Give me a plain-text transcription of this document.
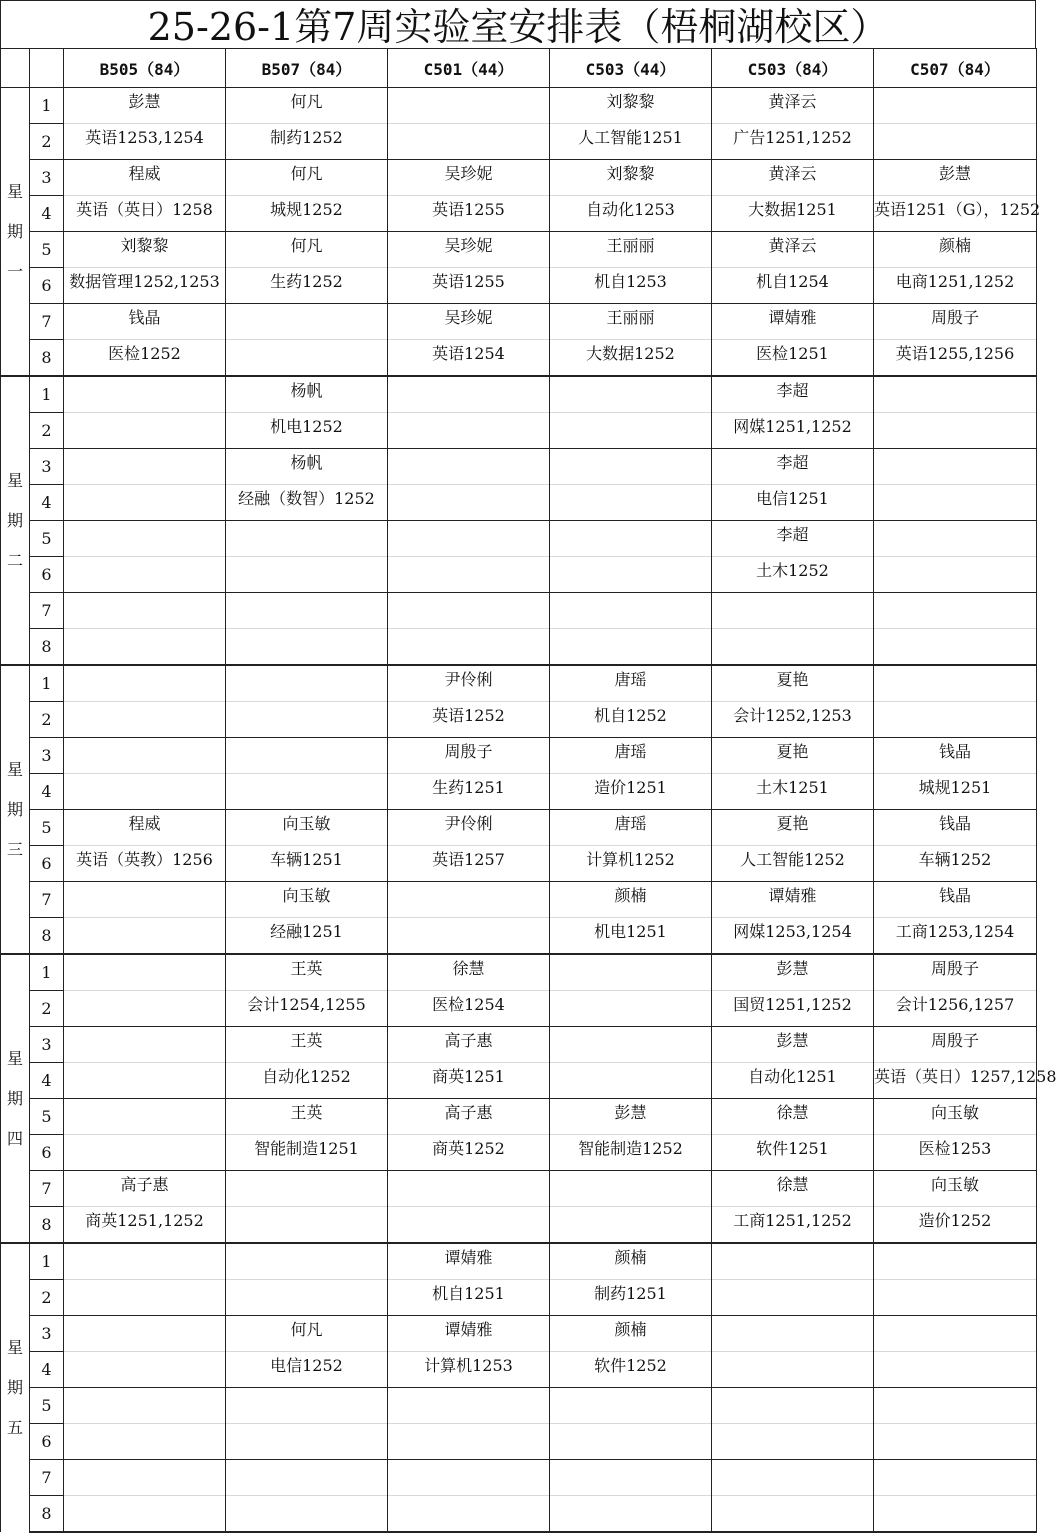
25-26-1第7周实验室安排表（梧桐湖校区）
		B505（84）	B507（84）	C501（44）	C503（44）	C503（84）	C507（84）

星
期
一	1	彭慧	何凡		刘黎黎	黄泽云	

	2	英语1253,1254	制药1252		人工智能1251	广告1251,1252	

	3	程威	何凡	吴珍妮	刘黎黎	黄泽云	彭慧

	4	英语（英日）1258	城规1252	英语1255	自动化1253	大数据1251	英语1251（G），1252

	5	刘黎黎	何凡	吴珍妮	王丽丽	黄泽云	颜楠

	6	数据管理1252,1253	生药1252	英语1255	机自1253	机自1254	电商1251,1252

	7	钱晶		吴珍妮	王丽丽	谭婧雅	周殷子

	8	医检1252		英语1254	大数据1252	医检1251	英语1255,1256

星
期
二	1		杨帆			李超	

	2		机电1252			网媒1251,1252	

	3		杨帆			李超	

	4		经融（数智）1252			电信1251	

	5					李超	

	6					土木1252	

	7	

	8	

星
期
三	1			尹伶俐	唐瑶	夏艳	

	2			英语1252	机自1252	会计1252,1253	

	3			周殷子	唐瑶	夏艳	钱晶

	4			生药1251	造价1251	土木1251	城规1251

	5	程威	向玉敏	尹伶俐	唐瑶	夏艳	钱晶

	6	英语（英教）1256	车辆1251	英语1257	计算机1252	人工智能1252	车辆1252

	7		向玉敏		颜楠	谭婧雅	钱晶

	8		经融1251		机电1251	网媒1253,1254	工商1253,1254

星
期
四	1		王英	徐慧		彭慧	周殷子

	2		会计1254,1255	医检1254		国贸1251,1252	会计1256,1257

	3		王英	高子惠		彭慧	周殷子

	4		自动化1252	商英1251		自动化1251	英语（英日）1257,1258

	5		王英	高子惠	彭慧	徐慧	向玉敏

	6		智能制造1251	商英1252	智能制造1252	软件1251	医检1253

	7	高子惠				徐慧	向玉敏

	8	商英1251,1252				工商1251,1252	造价1252

星
期
五	1			谭婧雅	颜楠		

	2			机自1251	制药1251		

	3		何凡	谭婧雅	颜楠		

	4		电信1252	计算机1253	软件1252		

	5	

	6	

	7	

	8	
